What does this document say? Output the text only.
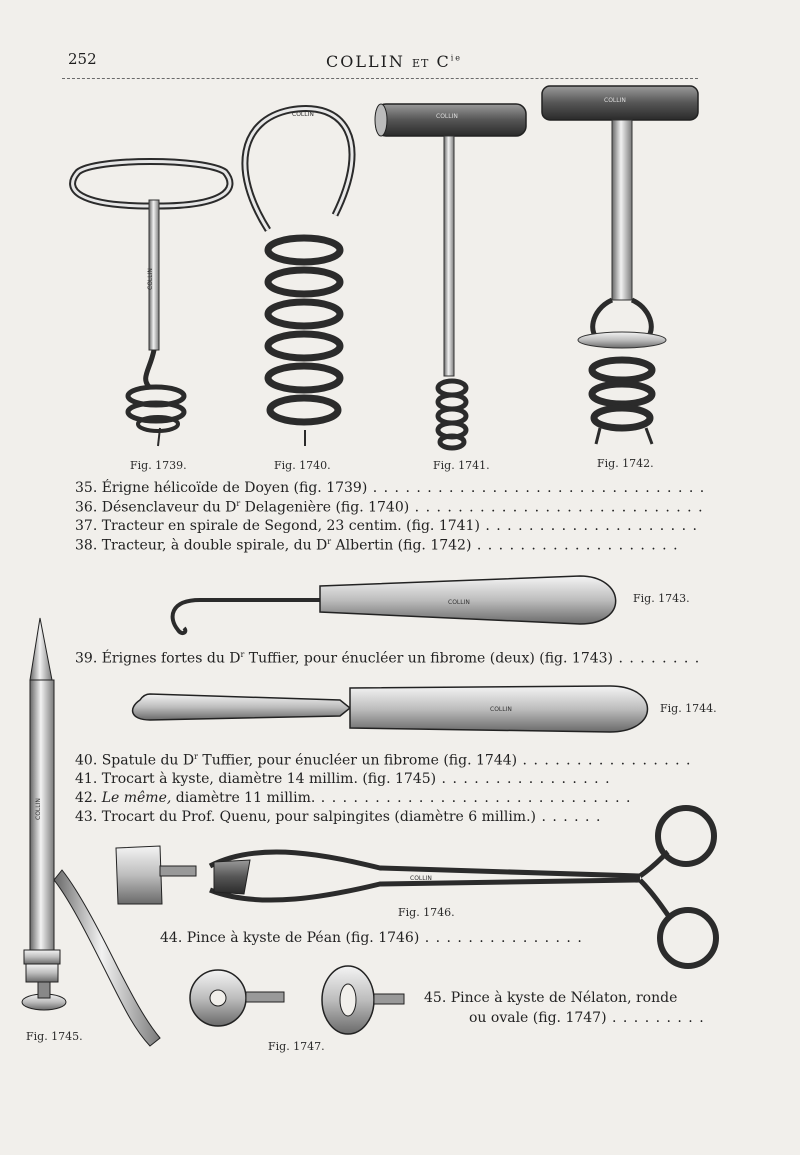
252	COLLIN ET $C^{ie}$
COLLIN	COLLIN
COLLIN
COLLIN
COLLIN
COLLIN
COLLIN
COLLIN
Fig. 1739.	Fig. 1740.	Fig. 1741.	Fig. 1742.
Fig. 1743.
Fig. 1744.
Fig. 1745.
Fig. 1746.
Fig. 1747.
35. Érigne hélicoïde de Doyen (fig. 1739) . . . . . . . . . . . . . . . . . . . . . . . . . . . . . . .
36. Désenclaveur du $D^r$ Delagenière (fig. 1740) . . . . . . . . . . . . . . . . . . . . . . . . . . .
37. Tracteur en spirale de Segond, 23 centim. (fig. 1741) . . . . . . . . . . . . . . . . . . . .
38. Tracteur, à double spirale, du $D^r$ Albertin (fig. 1742) . . . . . . . . . . . . . . . . . . .
39. Érignes fortes du $D^r$ Tuffier, pour énucléer un fibrome (deux) (fig. 1743) . . . . . . . .
40. Spatule du $D^r$ Tuffier, pour énucléer un fibrome (fig. 1744) . . . . . . . . . . . . . . . .
41. Trocart à kyste, diamètre 14 millim. (fig. 1745) . . . . . . . . . . . . . . . .
42. Le même, diamètre 11 millim. . . . . . . . . . . . . . . . . . . . . . . . . . . . . .
43. Trocart du Prof. Quenu, pour salpingites (diamètre 6 millim.) . . . . . .
44. Pince à kyste de Péan (fig. 1746) . . . . . . . . . . . . . . .
45. Pince à kyste de Nélaton, ronde
ou ovale (fig. 1747) . . . . . . . . .
